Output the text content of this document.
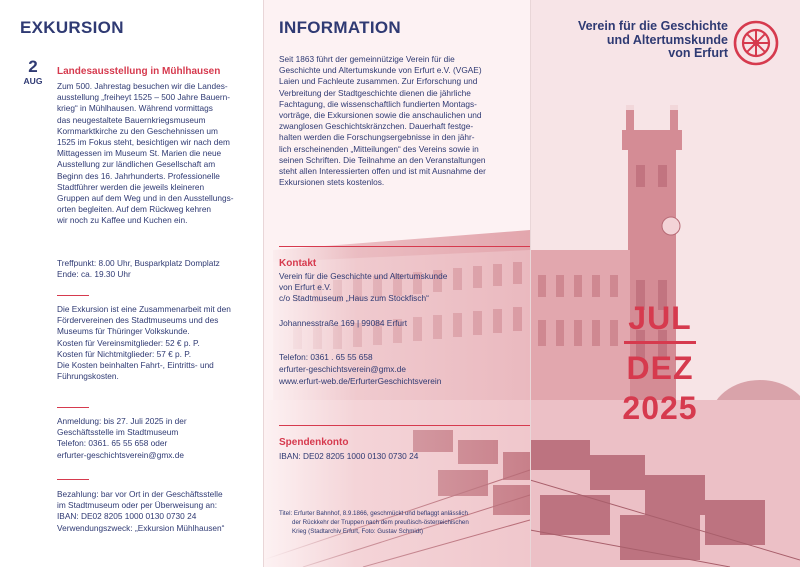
EXKURSION
2
AUG
Landesausstellung in Mühlhausen
Zum 500. Jahrestag besuchen wir die Landes-
ausstellung „freiheyt 1525 – 500 Jahre Bauern-
krieg“ in Mühlhausen. Während vormittags
das neugestaltete Bauernkriegsmuseum
Kornmarktkirche zu den Geschehnissen um
1525 im Fokus steht, besichtigen wir nach dem
Mittagessen im Museum St. Marien die neue
Ausstellung zur ländlichen Gesellschaft am
Beginn des 16. Jahrhunderts. Professionelle
Stadtführer werden die jeweils kleineren
Gruppen auf dem Weg und in den Ausstellungs-
orten begleiten. Auf dem Rückweg kehren
wir noch zu Kaffee und Kuchen ein.
Treffpunkt: 8.00 Uhr, Busparkplatz Domplatz
Ende: ca. 19.30 Uhr
Die Exkursion ist eine Zusammenarbeit mit den
Fördervereinen des Stadtmuseums und des
Museums für Thüringer Volkskunde.
Kosten für Vereinsmitglieder: 52 € p. P.
Kosten für Nichtmitglieder: 57 € p. P.
Die Kosten beinhalten Fahrt-, Eintritts- und
Führungskosten.
Anmeldung: bis 27. Juli 2025 in der
Geschäftsstelle im Stadtmuseum
Telefon: 0361. 65 55 658 oder
erfurter-geschichtsverein@gmx.de
Bezahlung: bar vor Ort in der Geschäftsstelle
im Stadtmuseum oder per Überweisung an:
IBAN: DE02 8205 1000 0130 0730 24
Verwendungszweck: „Exkursion Mühlhausen“
INFORMATION
Seit 1863 führt der gemeinnützige Verein für die
Geschichte und Altertumskunde von Erfurt e.V. (VGAE)
Laien und Fachleute zusammen. Zur Erforschung und
Verbreitung der Stadtgeschichte dienen die jährliche
Fachtagung, die wissenschaftlich fundierten Montags-
vorträge, die Exkursionen sowie die anschaulichen und
zwanglosen Geschichtskränzchen. Dauerhaft festge-
halten werden die Forschungsergebnisse in den jähr-
lich erscheinenden „Mitteilungen“ des Vereins sowie in
seinen Schriften. Die Teilnahme an den Veranstaltungen
steht allen Interessierten offen und ist mit Ausnahme der
Exkursionen stets kostenlos.
Kontakt
Verein für die Geschichte und Altertumskunde
von Erfurt e.V.
c/o Stadtmuseum „Haus zum Stockfisch“
Johannesstraße 169 | 99084 Erfurt
Telefon: 0361 . 65 55 658
erfurter-geschichtsverein@gmx.de
www.erfurt-web.de/ErfurterGeschichtsverein
Spendenkonto
IBAN: DE02 8205 1000 0130 0730 24
Titel: Erfurter Bahnhof, 8.9.1866, geschmückt und beflaggt anlässlich
der Rückkehr der Truppen nach dem preußisch-österreichischen
Krieg (Stadtarchiv Erfurt, Foto: Gustav Schmidt)
Verein für die Geschichte
und Altertumskunde
von Erfurt
JUL
DEZ
2025
